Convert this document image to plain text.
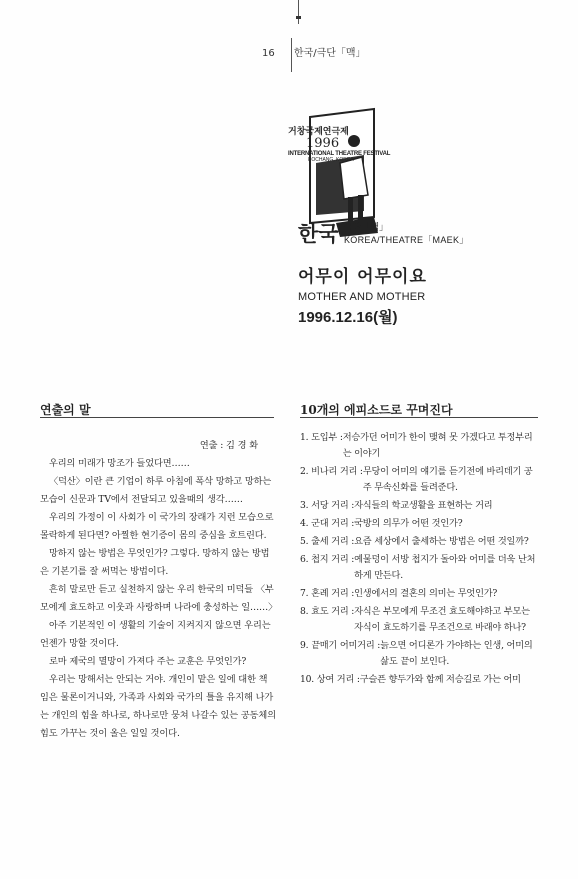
16 한국/극단「맥」
거창국제연극제
1996
INTERNATIONAL THEATRE FESTIVAL
KOCHANG, KOREA
한국 극단「맥」
KOREA/THEATRE「MAEK」
어무이 어무이요
MOTHER AND MOTHER
1996.12.16(월)
연출의 말	10개의 에피소드로 꾸며진다

연출 : 김 경 화

우리의 미래가 망조가 들었다면……

〈덕산〉이란 큰 기업이 하루 아침에 폭삭 망하고 망하는 모습이 신문과 TV에서 전달되고 있을때의 생각……

우리의 가정이 이 사회가 이 국가의 장래가 지런 모습으로 몰락하게 된다면? 아찔한 현기증이 몸의 중심을 흐트린다.

망하지 않는 방법은 무엇인가? 그렇다. 망하지 않는 방법은 기본기를 잘 써먹는 방법이다.

흔히 말로만 듣고 실천하지 않는 우리 한국의 미덕들 〈부모에게 효도하고 이웃과 사랑하며 나라에 충성하는 일……〉

아주 기본적인 이 생활의 기술이 지켜지지 않으면 우리는 언젠가 망할 것이다.

로마 제국의 멸망이 가져다 주는 교훈은 무엇인가?

우리는 망해서는 안되는 거야. 개인이 맡은 일에 대한 책임은 물론이거니와, 가족과 사회와 국가의 틀을 유지해 나가는 개인의 힘을 하나로, 하나로만 뭉쳐 나갈수 있는 공동체의 힘도 가꾸는 것이 올은 일일 것이다.

1. 도입부 : 저승가던 어미가 한이 맺혀 못 가겠다고 투정부리는 이야기
2. 비나리 거리 : 무당이 어미의 얘기를 듣기전에 바리데기 공주 무속신화를 들려준다.
3. 서당 거리 : 자식들의 학교생활을 표현하는 거리
4. 군대 거리 : 국방의 의무가 어떤 것인가?
5. 출세 거리 : 요즘 세상에서 출세하는 방법은 어떤 것일까?
6. 첩지 거리 : 예물덩이 서방 첩지가 돌아와 어미를 더욱 난처하게 만든다.
7. 혼례 거리 : 인생에서의 결혼의 의미는 무엇인가?
8. 효도 거리 : 자식은 부모에게 무조건 효도해야하고 부모는 자식이 효도하기를 무조건으로 바래야 하나?
9. 끝매기 어미거리 : 늙으면 어디론가 가야하는 인생, 어미의 삶도 끝이 보인다.
10. 상여 거리 : 구슬픈 향두가와 함께 저승길로 가는 어미
